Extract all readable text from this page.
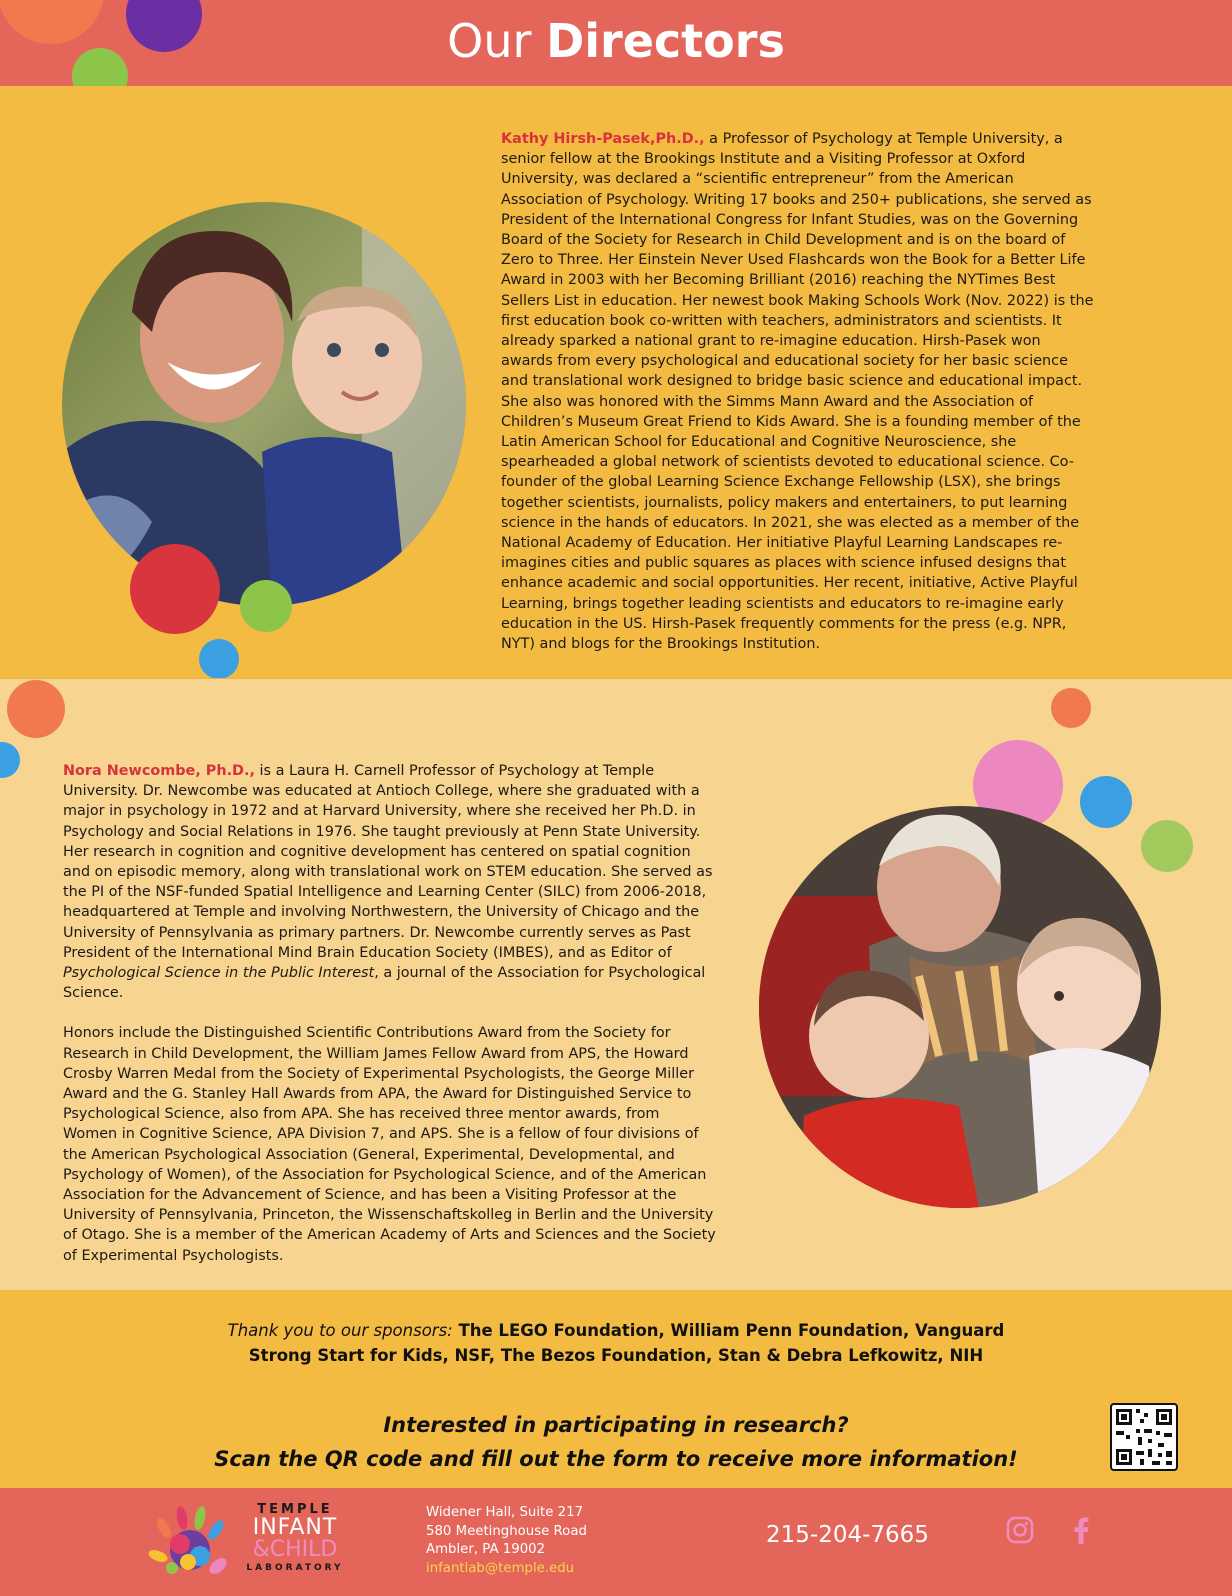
Our Directors
Kathy Hirsh-Pasek,Ph.D., a Professor of Psychology at Temple University, a senior fellow at the Brookings Institute and a Visiting Professor at Oxford University, was declared a “scientific entrepreneur” from the American Association of Psychology. Writing 17 books and 250+ publications, she served as President of the International Congress for Infant Studies, was on the Governing Board of the Society for Research in Child Development and is on the board of Zero to Three. Her Einstein Never Used Flashcards won the Book for a Better Life Award in 2003 with her Becoming Brilliant (2016) reaching the NYTimes Best Sellers List in education. Her newest book Making Schools Work (Nov. 2022) is the first education book co-written with teachers, administrators and scientists. It already sparked a national grant to re-imagine education. Hirsh-Pasek won awards from every psychological and educational society for her basic science and translational work designed to bridge basic science and educational impact. She also was honored with the Simms Mann Award and the Association of Children’s Museum Great Friend to Kids Award. She is a founding member of the Latin American School for Educational and Cognitive Neuroscience, she spearheaded a global network of scientists devoted to educational science. Co-founder of the global Learning Science Exchange Fellowship (LSX), she brings together scientists, journalists, policy makers and entertainers, to put learning science in the hands of educators. In 2021, she was elected as a member of the National Academy of Education. Her initiative Playful Learning Landscapes re-imagines cities and public squares as places with science infused designs that enhance academic and social opportunities. Her recent, initiative, Active Playful Learning, brings together leading scientists and educators to re-imagine early education in the US. Hirsh-Pasek frequently comments for the press (e.g. NPR, NYT) and blogs for the Brookings Institution.

Nora Newcombe, Ph.D., is a Laura H. Carnell Professor of Psychology at Temple University. Dr. Newcombe was educated at Antioch College, where she graduated with a major in psychology in 1972 and at Harvard University, where she received her Ph.D. in Psychology and Social Relations in 1976. She taught previously at Penn State University. Her research in cognition and cognitive development has centered on spatial cognition and on episodic memory, along with translational work on STEM education. She served as the PI of the NSF-funded Spatial Intelligence and Learning Center (SILC) from 2006-2018, headquartered at Temple and involving Northwestern, the University of Chicago and the University of Pennsylvania as primary partners. Dr. Newcombe currently serves as Past President of the International Mind Brain Education Society (IMBES), and as Editor of Psychological Science in the Public Interest, a journal of the Association for Psychological Science.

Honors include the Distinguished Scientific Contributions Award from the Society for Research in Child Development, the William James Fellow Award from APS, the Howard Crosby Warren Medal from the Society of Experimental Psychologists, the George Miller Award and the G. Stanley Hall Awards from APA, the Award for Distinguished Service to Psychological Science, also from APA. She has received three mentor awards, from Women in Cognitive Science, APA Division 7, and APS. She is a fellow of four divisions of the American Psychological Association (General, Experimental, Developmental, and Psychology of Women), of the Association for Psychological Science, and of the American Association for the Advancement of Science, and has been a Visiting Professor at the University of Pennsylvania, Princeton, the Wissenschaftskolleg in Berlin and the University of Otago. She is a member of the American Academy of Arts and Sciences and the Society of Experimental Psychologists.

Thank you to our sponsors: The LEGO Foundation, William Penn Foundation, Vanguard
Strong Start for Kids, NSF, The Bezos Foundation, Stan & Debra Lefkowitz, NIH
Interested in participating in research?
Scan the QR code and fill out the form to receive more information!
TEMPLE
INFANT
&CHILD
LABORATORY
Widener Hall, Suite 217
580 Meetinghouse Road
Ambler, PA 19002
infantlab@temple.edu
215-204-7665
